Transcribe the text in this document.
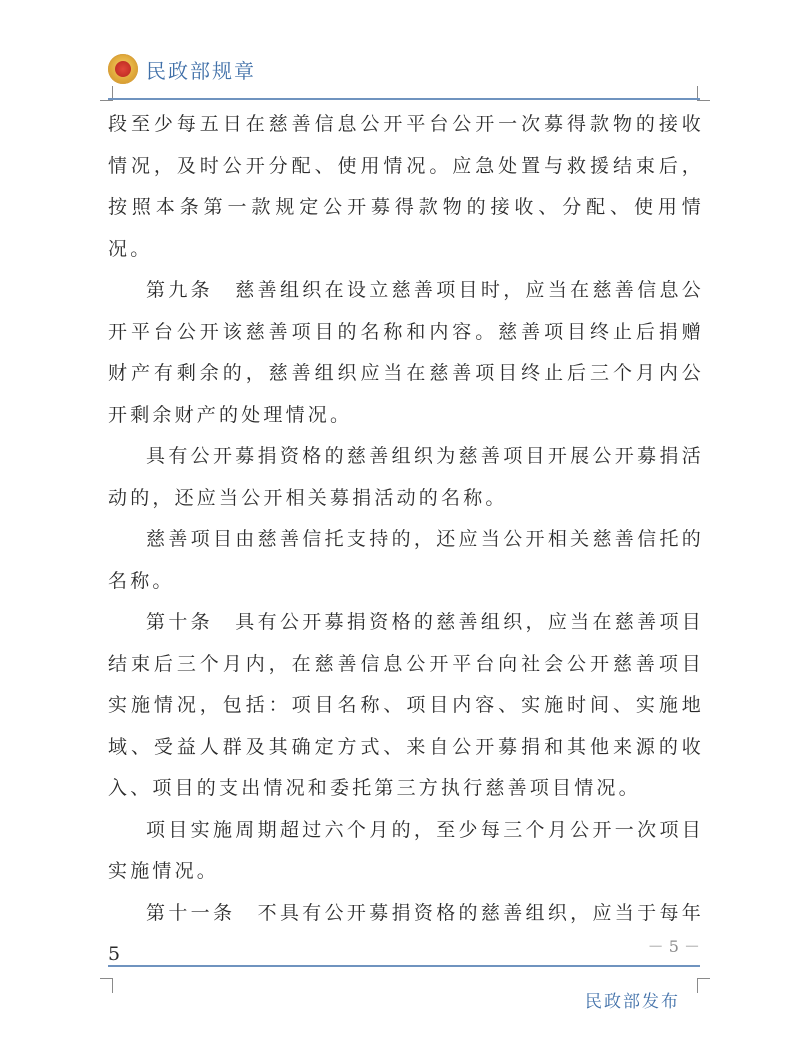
民政部规章

段至少每五日在慈善信息公开平台公开一次募得款物的接收情况，及时公开分配、使用情况。应急处置与救援结束后，按照本条第一款规定公开募得款物的接收、分配、使用情况。

第九条　慈善组织在设立慈善项目时，应当在慈善信息公开平台公开该慈善项目的名称和内容。慈善项目终止后捐赠财产有剩余的，慈善组织应当在慈善项目终止后三个月内公开剩余财产的处理情况。

具有公开募捐资格的慈善组织为慈善项目开展公开募捐活动的，还应当公开相关募捐活动的名称。

慈善项目由慈善信托支持的，还应当公开相关慈善信托的名称。

第十条　具有公开募捐资格的慈善组织，应当在慈善项目结束后三个月内，在慈善信息公开平台向社会公开慈善项目实施情况，包括：项目名称、项目内容、实施时间、实施地域、受益人群及其确定方式、来自公开募捐和其他来源的收入、项目的支出情况和委托第三方执行慈善项目情况。

项目实施周期超过六个月的，至少每三个月公开一次项目实施情况。

第十一条　不具有公开募捐资格的慈善组织，应当于每年5	－ 5 －
民政部发布
